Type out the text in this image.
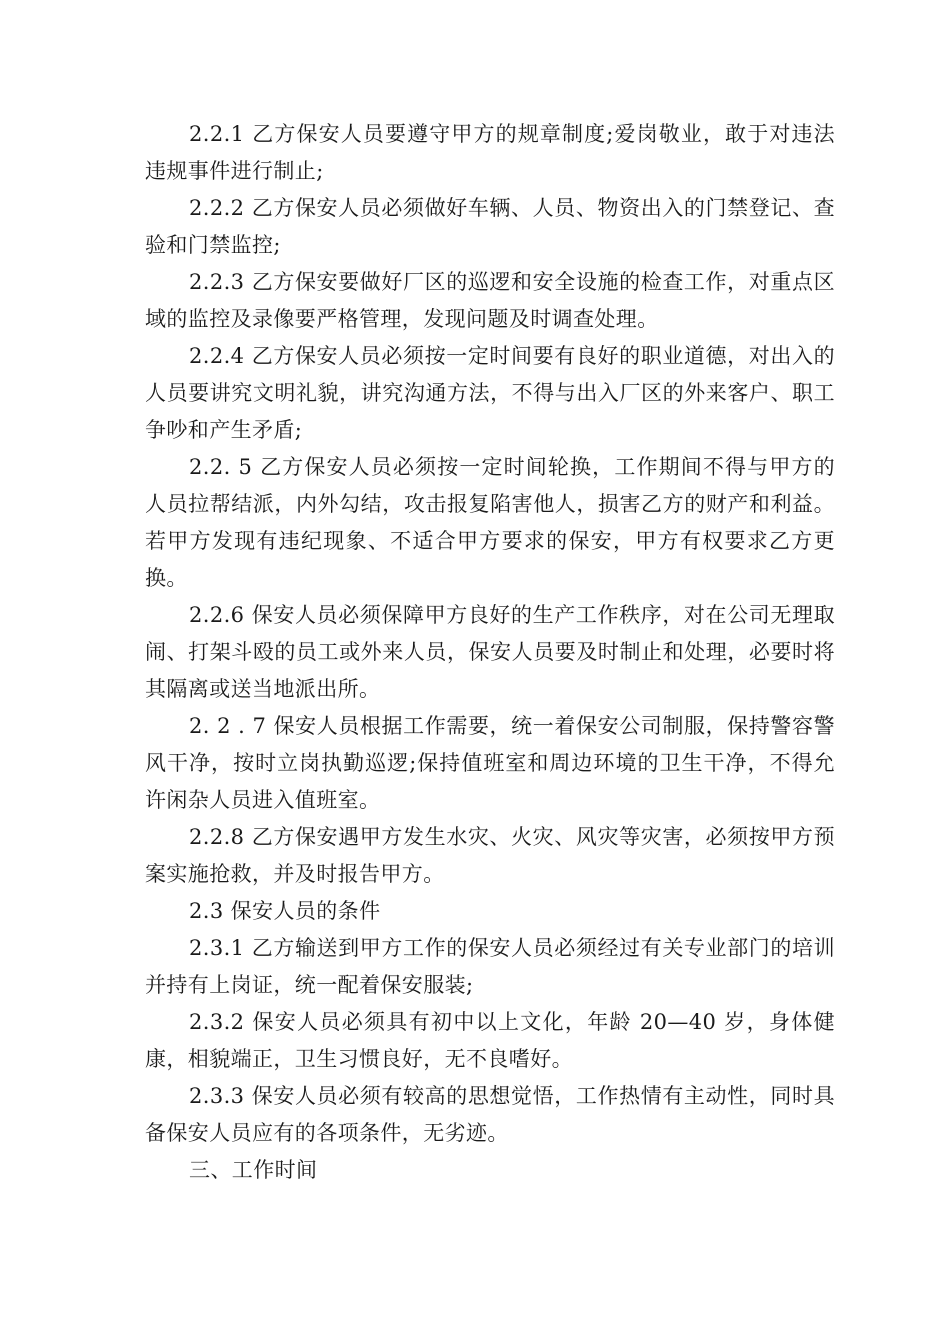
2.2.1 乙方保安人员要遵守甲方的规章制度;爱岗敬业，敢于对违法违规事件进行制止;

2.2.2 乙方保安人员必须做好车辆、人员、物资出入的门禁登记、查验和门禁监控;

2.2.3 乙方保安要做好厂区的巡逻和安全设施的检查工作，对重点区域的监控及录像要严格管理，发现问题及时调查处理。

2.2.4 乙方保安人员必须按一定时间要有良好的职业道德，对出入的人员要讲究文明礼貌，讲究沟通方法，不得与出入厂区的外来客户、职工争吵和产生矛盾;

2.2. 5 乙方保安人员必须按一定时间轮换，工作期间不得与甲方的人员拉帮结派，内外勾结，攻击报复陷害他人，损害乙方的财产和利益。若甲方发现有违纪现象、不适合甲方要求的保安，甲方有权要求乙方更换。

2.2.6 保安人员必须保障甲方良好的生产工作秩序，对在公司无理取闹、打架斗殴的员工或外来人员，保安人员要及时制止和处理，必要时将其隔离或送当地派出所。

2. 2 . 7 保安人员根据工作需要，统一着保安公司制服，保持警容警风干净，按时立岗执勤巡逻;保持值班室和周边环境的卫生干净，不得允许闲杂人员进入值班室。

2.2.8 乙方保安遇甲方发生水灾、火灾、风灾等灾害，必须按甲方预案实施抢救，并及时报告甲方。

2.3 保安人员的条件

2.3.1 乙方输送到甲方工作的保安人员必须经过有关专业部门的培训并持有上岗证，统一配着保安服装;

2.3.2 保安人员必须具有初中以上文化，年龄 20—40 岁，身体健康，相貌端正，卫生习惯良好，无不良嗜好。

2.3.3 保安人员必须有较高的思想觉悟，工作热情有主动性，同时具备保安人员应有的各项条件，无劣迹。

三、工作时间
